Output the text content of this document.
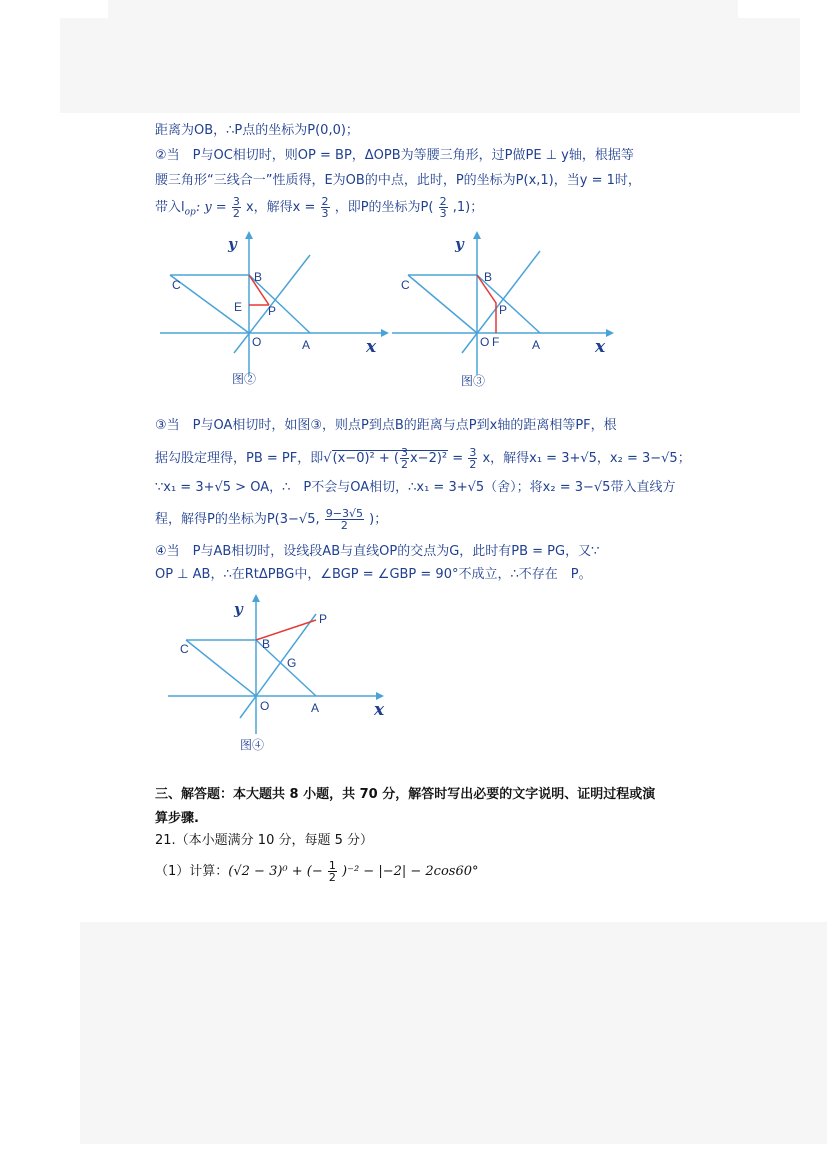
距离为OB，∴P点的坐标为P(0,0)；
②当　P与OC相切时，则OP = BP，ΔOPB为等腰三角形，过P做PE ⊥ y轴，根据等
腰三角形“三线合一”性质得，E为OB的中点，此时，P的坐标为P(x,1)，当y = 1时，
带入$l_{op}$: $y = \frac{3}{2}$ x，解得$x = \frac{2}{3}$ ，即P的坐标为$P( \frac{2}{3} ,1)$；
y
x
C
B
E P
O	A
图②
y
x
C
B
P
O F	A
图③
③当　P与OA相切时，如图③，则点P到点B的距离与点P到x轴的距离相等PF，根
据勾股定理得，PB = PF，即√(x−0)² + ( $\frac{3}{2} x-2)^2 = \frac{3}{2}$ x，解得x₁ = 3+√5，x₂ = 3−√5；
∵x₁ = 3+√5 > OA，∴　P不会与OA相切，∴x₁ = 3+√5（舍）；将x₂ = 3−√5带入直线方
程，解得P的坐标为P(3−√5, $\frac{9-3√5}{2}$ )；
④当　P与AB相切时，设线段AB与直线OP的交点为G，此时有PB = PG，又∵
OP ⊥ AB，∴在RtΔPBG中，∠BGP = ∠GBP = 90°不成立，∴不存在　P。
y
x
C	B
P
G
O	A
图④
三、解答题：本大题共 8 小题，共 70 分，解答时写出必要的文字说明、证明过程或演
算步骤.
21.（本小题满分 10 分，每题 5 分）
（1）计算：(√2 − 3)⁰ + (− $\frac{1}{2} )^{-2} - |-2| - 2\cos 60^\circ$
